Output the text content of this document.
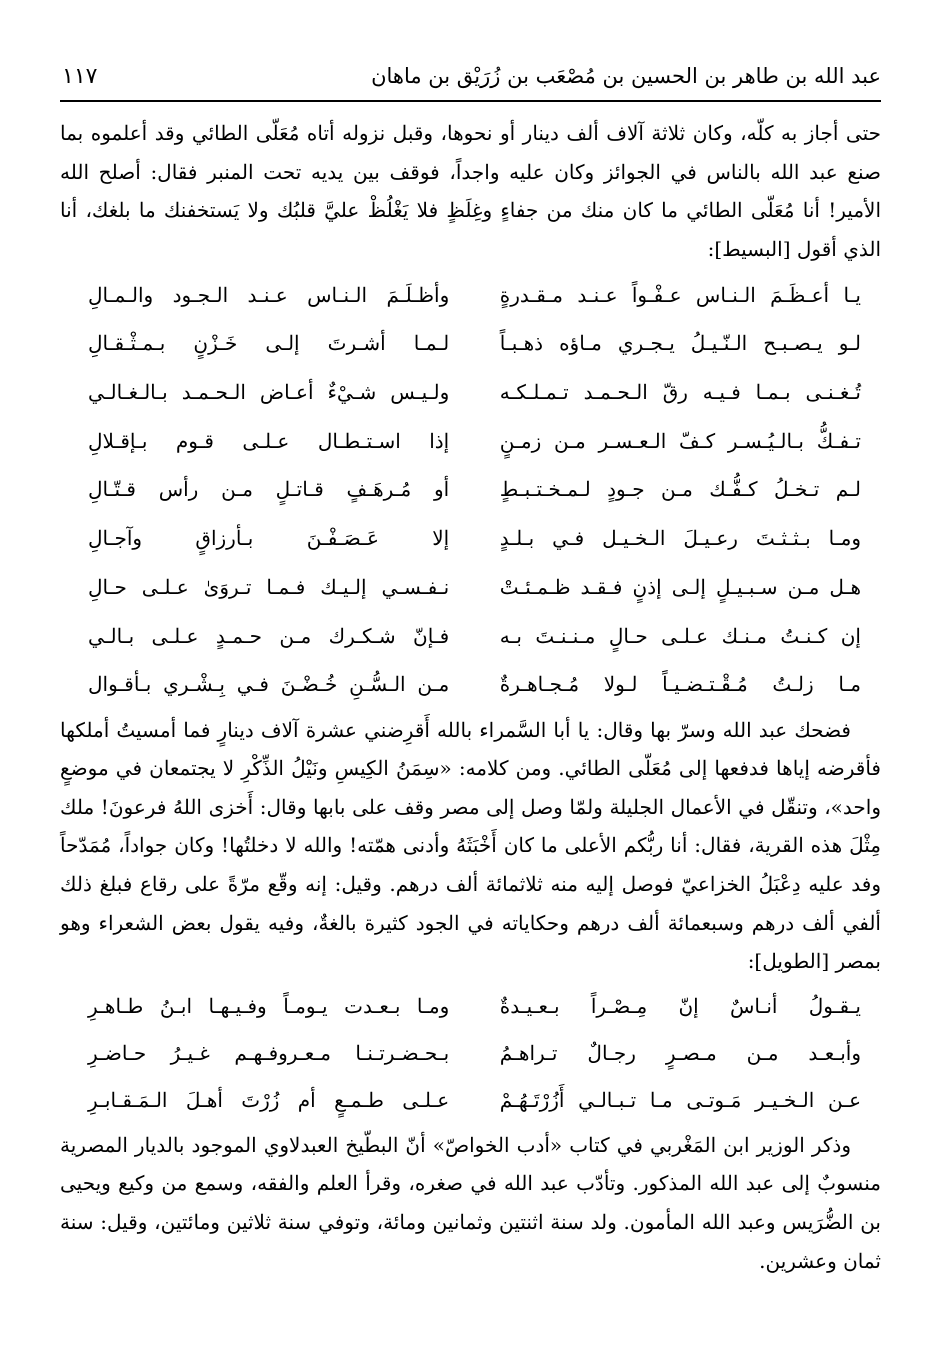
عبد الله بن طاهر بن الحسين بن مُصْعَب بن زُرَيْق بن ماهان
١١٧

حتى أجاز به كلّه، وكان ثلاثة آلاف ألف دينار أو نحوها، وقبل نزوله أتاه مُعَلّى الطائي وقد أعلموه بما صنع عبد الله بالناس في الجوائز وكان عليه واجداً، فوقف بين يديه تحت المنبر فقال: أصلح الله الأمير! أنا مُعَلّى الطائي ما كان منك من جفاءٍ وغِلَظٍ فلا يَغْلُظْ عليَّ قلبُك ولا يَستخفنك ما بلغك، أنا الذي أقول [البسيط]:

يـا أعـظَـمَ الـنـاس عـفْـواً عـنـد مـقـدرةٍ
وأظـلَـمَ الـنـاس عـنـد الـجـود والـمـالِ
لـو يـصـبـح الـنّـيـلُ يـجـري مـاؤه ذهـبـاً
لـمـا أشـرتَ إلـى خَـزْنٍ بـمـثْـقـالِ
تُـغـنـى بـمـا فـيـه رقّ الـحـمـد تـمـلـكـه
ولـيـس شـيْءٌ أعـاض الـحـمـد بـالـغـالـي
تـفـكُّ بـالـيُـسـر كـفّ الـعـسـر مـن زمـنٍ
إذا اسـتـطـال عـلـى قـوم بـإقـلالِ
لـم تـخـلُ كـفُّـك مـن جـودٍ لـمـخـتـبـطٍ
أو مُـرهَـفٍ قـاتـلٍ مـن رأس قـتّـالِ
ومـا بـثـثـتَ رعـيـلَ الـخـيـل فـي بـلـدٍ
إلا عَـصَـفْـنَ بـأرزاقٍ وآجـالِ
هـل مـن سـبـيـلٍ إلـى إذنٍ فـقـد ظـمـئـتْ
نـفـسـي إلـيـك فـمـا تـروَىٰ عـلـى حـالِ
إن كـنـتُ مـنـك عـلـى حـالٍ مـنـنـتَ بـه
فـإنّ شـكـرك مـن حـمـدٍ عـلـى بـالـي
مـا زلـتُ مُـقْـتـضـيـاً لـولا مُـجـاهـرةٌ
مـن الـسُّـنِ خُـضْـنَ فـي بِـشْـري بـأقـوال

فضحك عبد الله وسرّ بها وقال: يا أبا السَّمراء بالله أَقرِضني عشرة آلاف دينارٍ فما أمسيتُ أملكها فأقرضه إياها فدفعها إلى مُعَلّى الطائي. ومن كلامه: «سِمَنُ الكِيسِ ونَيْلُ الذِّكْرِ لا يجتمعان في موضعٍ واحد»، وتنقّل في الأعمال الجليلة ولمّا وصل إلى مصر وقف على بابها وقال: أَخزى اللهُ فرعونَ! ملك مِثْلَ هذه القرية، فقال: أنا ربُّكم الأعلى ما كان أَخْبَثَهُ وأدنى همّته! والله لا دخلتُها! وكان جواداً، مُمَدّحاً وفد عليه دِعْبَلُ الخزاعيّ فوصل إليه منه ثلاثمائة ألف درهم. وقيل: إنه وقّع مرّةً على رقاع فبلغ ذلك ألفي ألف درهم وسبعمائة ألف درهم وحكاياته في الجود كثيرة بالغةٌ، وفيه يقول بعض الشعراء وهو بمصر [الطويل]:

يـقـولُ أنـاسٌ إنّ مِـصْـراً بـعـيـدةٌ
ومـا بـعـدت يـومـاً وفـيـهـا ابـنُ طـاهـرِ
وأبـعـد مـن مـصـرٍ رجـالٌ تـراهـمُ
بـحـضـرتـنـا مـعـروفـهـم غـيـرُ حـاضـرِ
عـن الـخـيـر مَـوتـى مـا تـبـالـي أَزُرْتَـهُـمْ
عـلـى طـمـعٍ أم زُرْتَ أهـلَ الـمَـقـابـرِ

وذكر الوزير ابن المَغْربي في كتاب «أدب الخواصّ» أنّ البطّيخ العبدلاوي الموجود بالديار المصرية منسوبٌ إلى عبد الله المذكور. وتأدّب عبد الله في صغره، وقرأ العلم والفقه، وسمع من وكيع ويحيى بن الضُّرَيس وعبد الله المأمون. ولد سنة اثنتين وثمانين ومائة، وتوفي سنة ثلاثين ومائتين، وقيل: سنة ثمان وعشرين.
